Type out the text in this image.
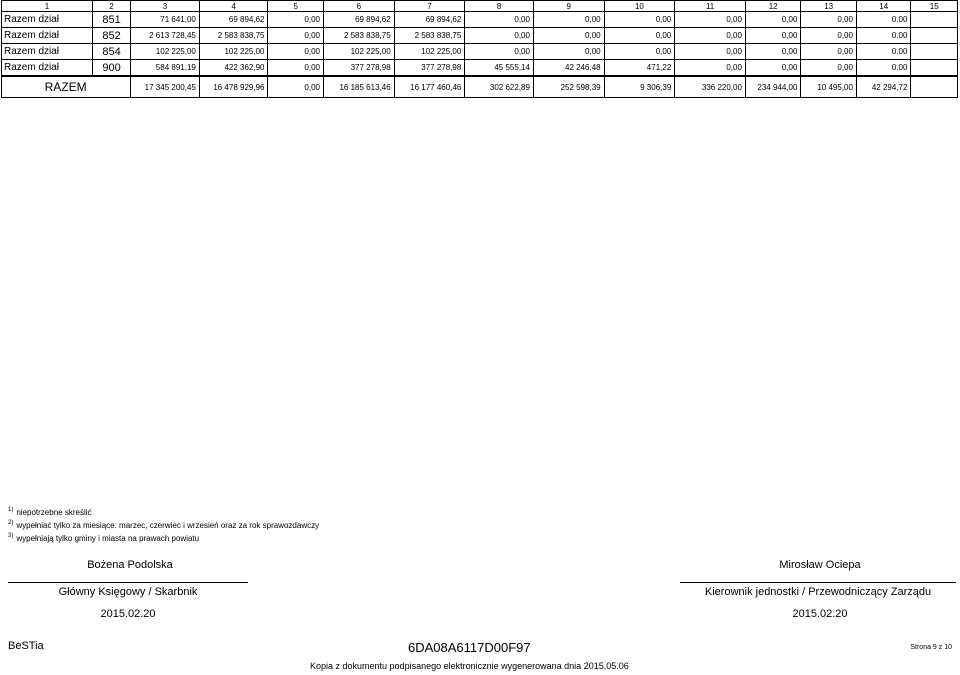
1	2	3	4	5	6	7	8	9	10	11	12	13	14	15
Razem dział	851	71 641,00	69 894,62	0,00	69 894,62	69 894,62	0,00	0,00	0,00	0,00	0,00	0,00	0,00	
Razem dział	852	2 613 728,45	2 583 838,75	0,00	2 583 838,75	2 583 838,75	0,00	0,00	0,00	0,00	0,00	0,00	0,00	
Razem dział	854	102 225,00	102 225,00	0,00	102 225,00	102 225,00	0,00	0,00	0,00	0,00	0,00	0,00	0,00	
Razem dział	900	584 891,19	422 362,90	0,00	377 278,98	377 278,98	45 555,14	42 246,48	471,22	0,00	0,00	0,00	0,00	
RAZEM		17 345 200,45	16 478 929,96	0,00	16 185 613,46	16 177 460,46	302 622,89	252 598,39	9 306,39	336 220,00	234 944,00	10 495,00	42 294,72	
$^{1)}$ niepotrzebne skreślić
$^{2)}$ wypełniać tylko za miesiące: marzec, czerwiec i wrzesień oraz za rok sprawozdawczy
$^{3)}$ wypełniają tylko gminy i miasta na prawach powiatu
Bożena Podolska
Główny Księgowy / Skarbnik
2015.02.20
Mirosław Ociepa
Kierownik jednostki / Przewodniczący Zarządu
2015.02.20
BeSTia	6DA08A6117D00F97	Strona 9 z 10
Kopia z dokumentu podpisanego elektronicznie wygenerowana dnia 2015.05.06
